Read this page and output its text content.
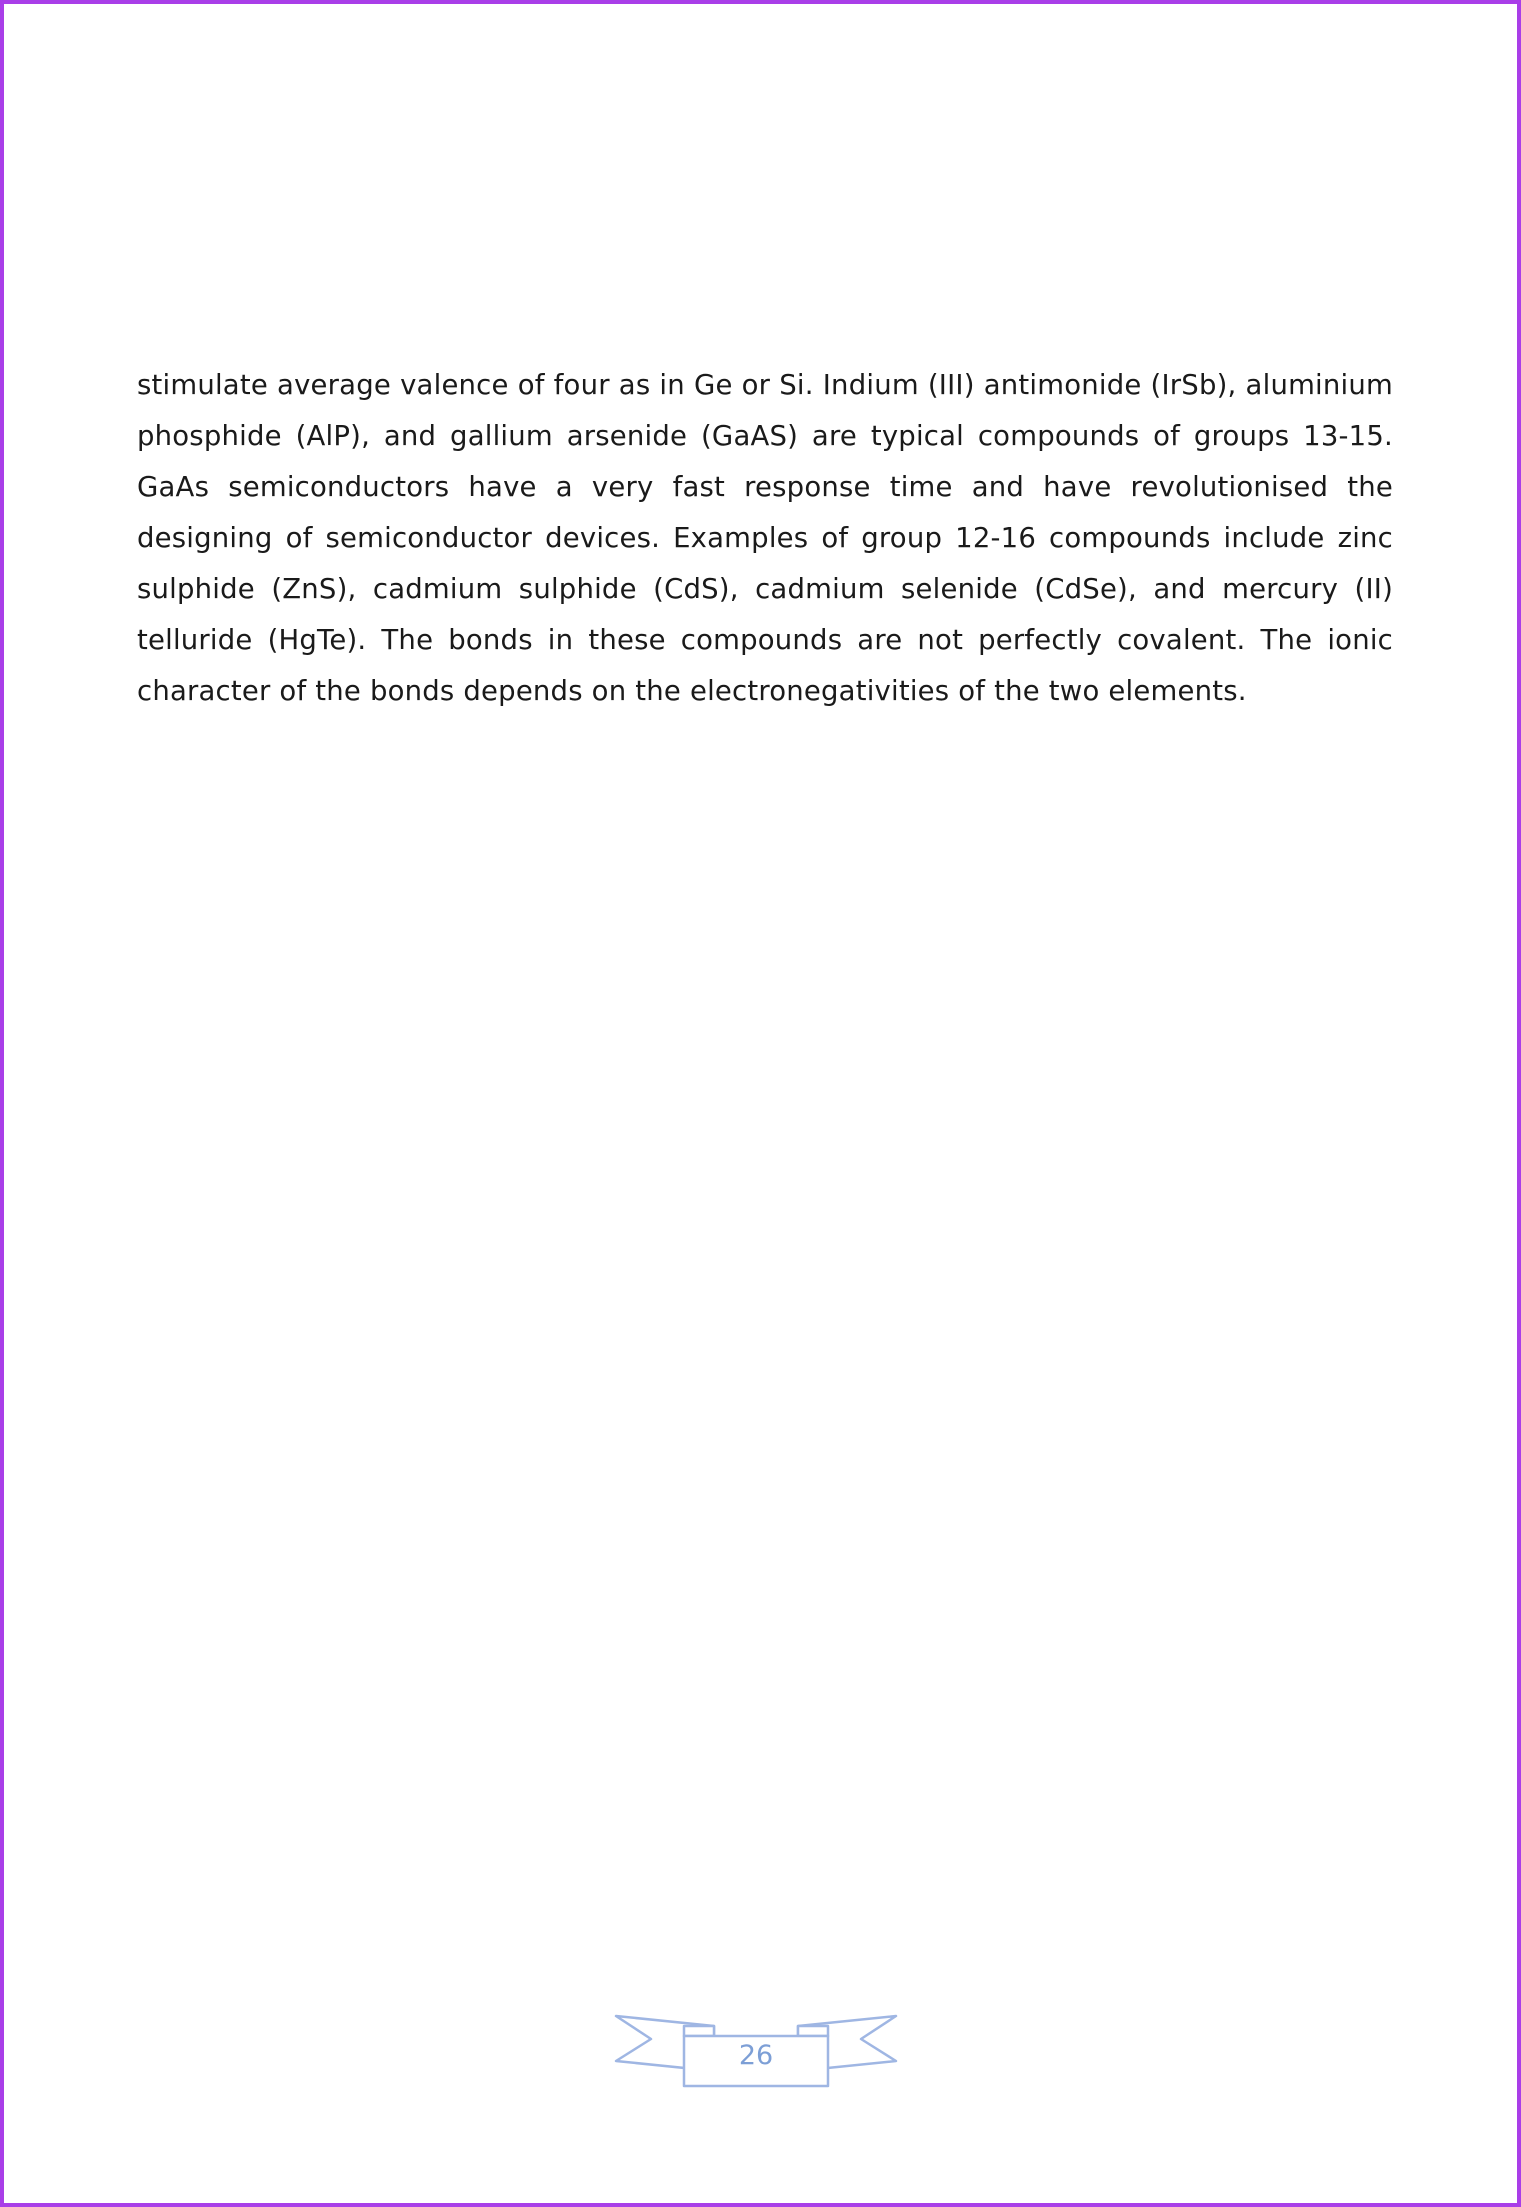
stimulate average valence of four as in Ge or Si. Indium (III) antimonide (IrSb), aluminium phosphide (AlP), and gallium arsenide (GaAS) are typical compounds of groups 13-15. GaAs semiconductors have a very fast response time and have revolutionised the designing of semiconductor devices. Examples of group 12-16 compounds include zinc sulphide (ZnS), cadmium sulphide (CdS), cadmium selenide (CdSe), and mercury (II) telluride (HgTe). The bonds in these compounds are not perfectly covalent. The ionic character of the bonds depends on the electronegativities of the two elements.

26
